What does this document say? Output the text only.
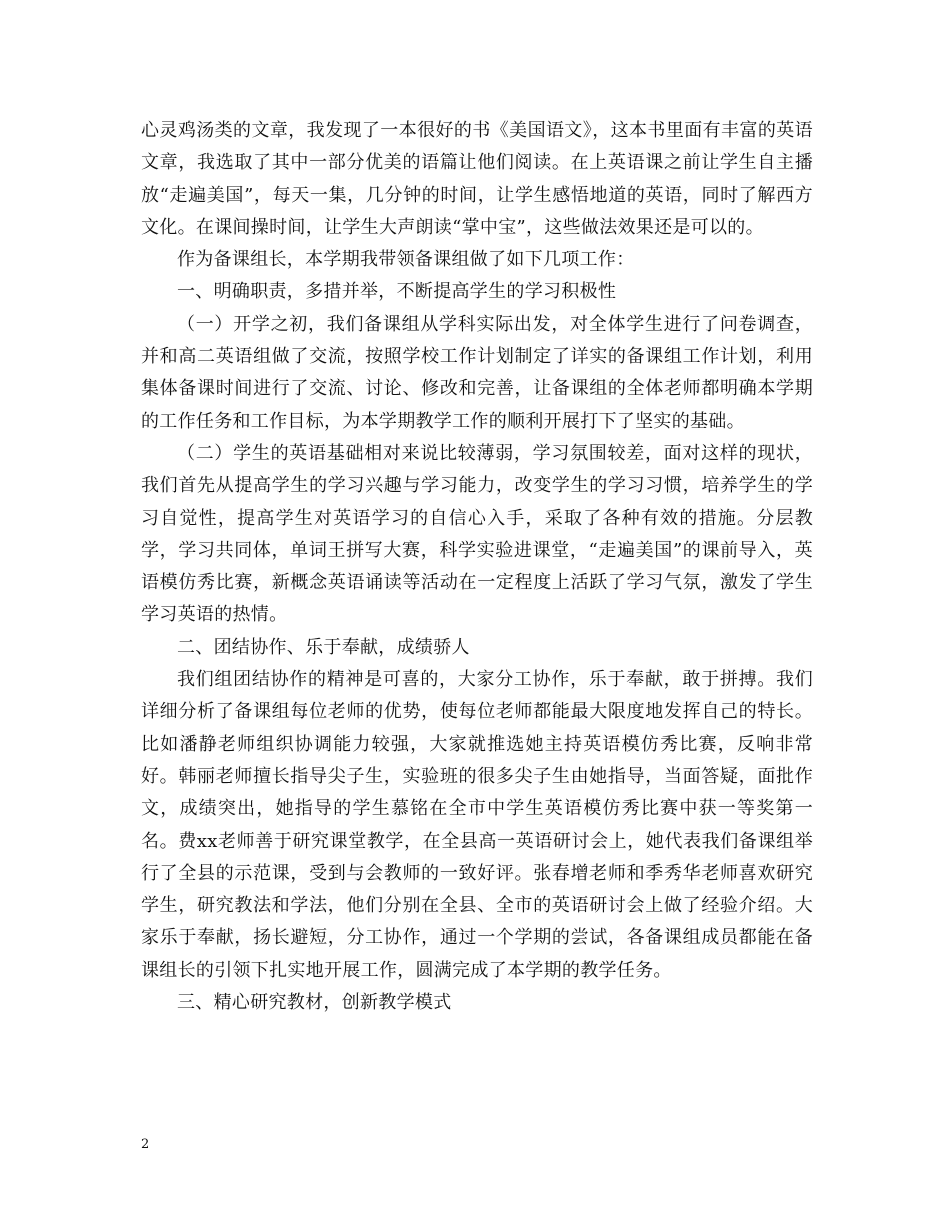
心灵鸡汤类的文章，我发现了一本很好的书《美国语文》，这本书里面有丰富的英语文章，我选取了其中一部分优美的语篇让他们阅读。在上英语课之前让学生自主播放“走遍美国”，每天一集，几分钟的时间，让学生感悟地道的英语，同时了解西方文化。在课间操时间，让学生大声朗读“掌中宝”，这些做法效果还是可以的。

作为备课组长，本学期我带领备课组做了如下几项工作：

一、明确职责，多措并举，不断提高学生的学习积极性

（一）开学之初，我们备课组从学科实际出发，对全体学生进行了问卷调查，并和高二英语组做了交流，按照学校工作计划制定了详实的备课组工作计划，利用集体备课时间进行了交流、讨论、修改和完善，让备课组的全体老师都明确本学期的工作任务和工作目标，为本学期教学工作的顺利开展打下了坚实的基础。

（二）学生的英语基础相对来说比较薄弱，学习氛围较差，面对这样的现状，我们首先从提高学生的学习兴趣与学习能力，改变学生的学习习惯，培养学生的学习自觉性，提高学生对英语学习的自信心入手，采取了各种有效的措施。分层教学，学习共同体，单词王拼写大赛，科学实验进课堂，“走遍美国”的课前导入，英语模仿秀比赛，新概念英语诵读等活动在一定程度上活跃了学习气氛，激发了学生学习英语的热情。

二、团结协作、乐于奉献，成绩骄人

我们组团结协作的精神是可喜的，大家分工协作，乐于奉献，敢于拼搏。我们详细分析了备课组每位老师的优势，使每位老师都能最大限度地发挥自己的特长。比如潘静老师组织协调能力较强，大家就推选她主持英语模仿秀比赛，反响非常好。韩丽老师擅长指导尖子生，实验班的很多尖子生由她指导，当面答疑，面批作文，成绩突出，她指导的学生慕铭在全市中学生英语模仿秀比赛中获一等奖第一名。费xx老师善于研究课堂教学，在全县高一英语研讨会上，她代表我们备课组举行了全县的示范课，受到与会教师的一致好评。张春增老师和季秀华老师喜欢研究学生，研究教法和学法，他们分别在全县、全市的英语研讨会上做了经验介绍。大家乐于奉献，扬长避短，分工协作，通过一个学期的尝试，各备课组成员都能在备课组长的引领下扎实地开展工作，圆满完成了本学期的教学任务。

三、精心研究教材，创新教学模式

2
